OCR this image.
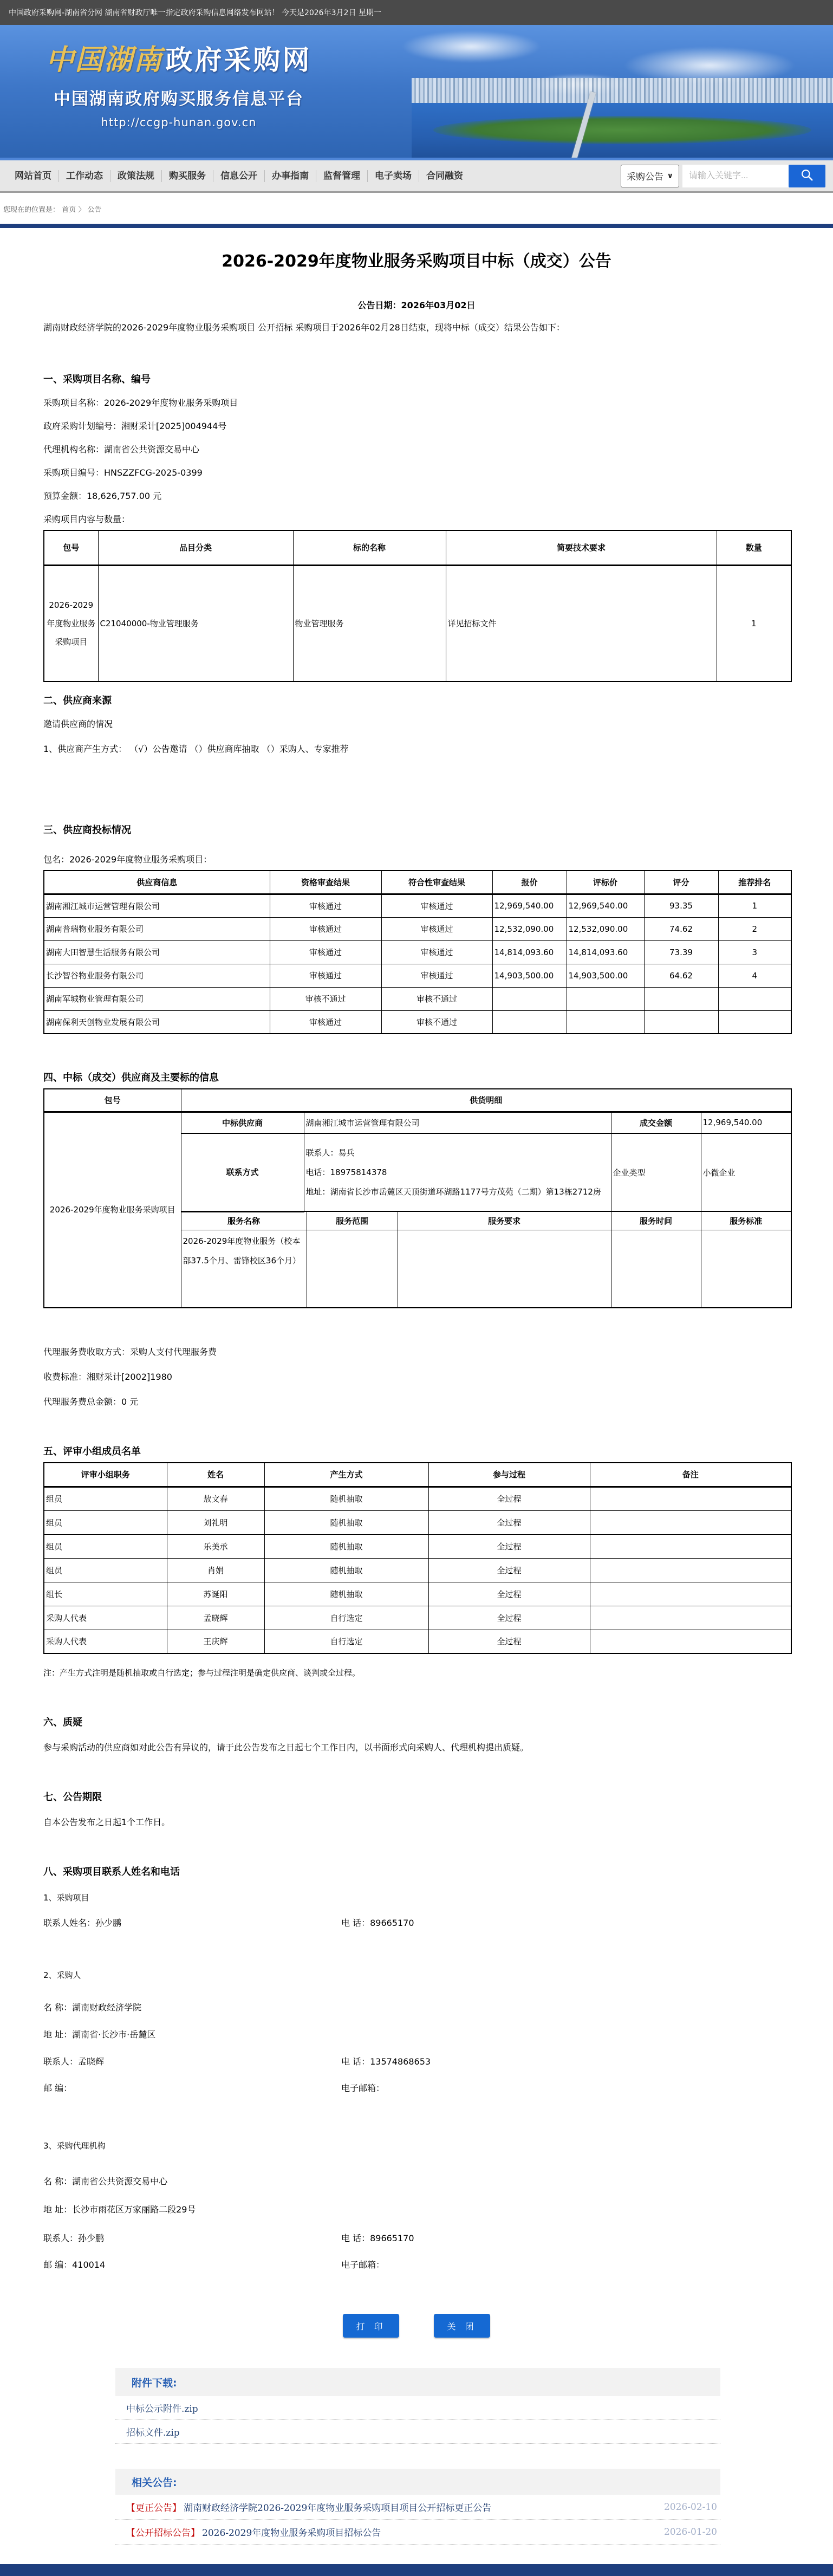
中国政府采购网-湖南省分网 湖南省财政厅唯一指定政府采购信息网络发布网站！ 今天是2026年3月2日 星期一
中国湖南 政府采购网
中国湖南政府购买服务信息平台
http://ccgp-hunan.gov.cn
网站首页	工作动态	政策法规	购买服务	信息公开	办事指南	监督管理	电子卖场	合同融资	采购公告 ∨
请输入关键字...
您现在的位置是： 首页 〉 公告
2026-2029年度物业服务采购项目中标（成交）公告
公告日期：2026年03月02日
湖南财政经济学院的2026-2029年度物业服务采购项目 公开招标 采购项目于2026年02月28日结束，现将中标（成交）结果公告如下：
一、采购项目名称、编号
采购项目名称：2026-2029年度物业服务采购项目
政府采购计划编号：湘财采计[2025]004944号
代理机构名称：湖南省公共资源交易中心
采购项目编号：HNSZZFCG-2025-0399
预算金额：18,626,757.00 元
采购项目内容与数量：
包号	品目分类	标的名称	简要技术要求	数量
2026-2029年度物业服务采购项目	C21040000-物业管理服务	物业管理服务	详见招标文件	1
二、供应商来源
邀请供应商的情况
1、供应商产生方式： （√）公告邀请 （）供应商库抽取 （）采购人、专家推荐
三、供应商投标情况
包名：2026-2029年度物业服务采购项目：
供应商信息	资格审查结果	符合性审查结果	报价	评标价	评分	推荐排名
湖南湘江城市运营管理有限公司	审核通过	审核通过	12,969,540.00	12,969,540.00	93.35	1
湖南普瑞物业服务有限公司	审核通过	审核通过	12,532,090.00	12,532,090.00	74.62	2
湖南大田智慧生活服务有限公司	审核通过	审核通过	14,814,093.60	14,814,093.60	73.39	3
长沙智谷物业服务有限公司	审核通过	审核通过	14,903,500.00	14,903,500.00	64.62	4
湖南军城物业管理有限公司	审核不通过	审核不通过				
湖南保利天创物业发展有限公司	审核通过	审核不通过				
四、中标（成交）供应商及主要标的信息
包号	供货明细					
2026-2029年度物业服务采购项目	中标供应商	湖南湘江城市运营管理有限公司			成交金额	12,969,540.00
	联系方式	联系人：易兵
电话：18975814378
地址：湖南省长沙市岳麓区天顶街道环湖路1177号方茂苑（二期）第13栋2712房			企业类型	小微企业
	服务名称		服务范围	服务要求	服务时间	服务标准
	2026-2029年度物业服务（校本部37.5个月、雷锋校区36个月）					
代理服务费收取方式：采购人支付代理服务费
收费标准：湘财采计[2002]1980
代理服务费总金额：0 元
五、评审小组成员名单
评审小组职务	姓名	产生方式	参与过程	备注
组员	敖文春	随机抽取	全过程	
组员	刘礼明	随机抽取	全过程	
组员	乐美承	随机抽取	全过程	
组员	肖娟	随机抽取	全过程	
组长	苏诞阳	随机抽取	全过程	
采购人代表	孟晓辉	自行选定	全过程	
采购人代表	王庆辉	自行选定	全过程	
注：产生方式注明是随机抽取或自行选定；参与过程注明是确定供应商、谈判或全过程。
六、质疑
参与采购活动的供应商如对此公告有异议的，请于此公告发布之日起七个工作日内，以书面形式向采购人、代理机构提出质疑。
七、公告期限
自本公告发布之日起1个工作日。
八、采购项目联系人姓名和电话
1、采购项目
联系人姓名：孙少鹏	电 话：89665170
2、采购人
名 称：湖南财政经济学院
地 址：湖南省·长沙市·岳麓区
联系人：孟晓辉	电 话：13574868653
邮 编：	电子邮箱：
3、采购代理机构
名 称：湖南省公共资源交易中心
地 址：长沙市雨花区万家丽路二段29号
联系人：孙少鹏	电 话：89665170
邮 编：410014	电子邮箱：
打 印	关 闭
附件下载:
中标公示附件.zip
招标文件.zip
相关公告:
【更正公告】 湖南财政经济学院2026-2029年度物业服务采购项目项目公开招标更正公告	2026-02-10
【公开招标公告】 2026-2029年度物业服务采购项目招标公告	2026-01-20
